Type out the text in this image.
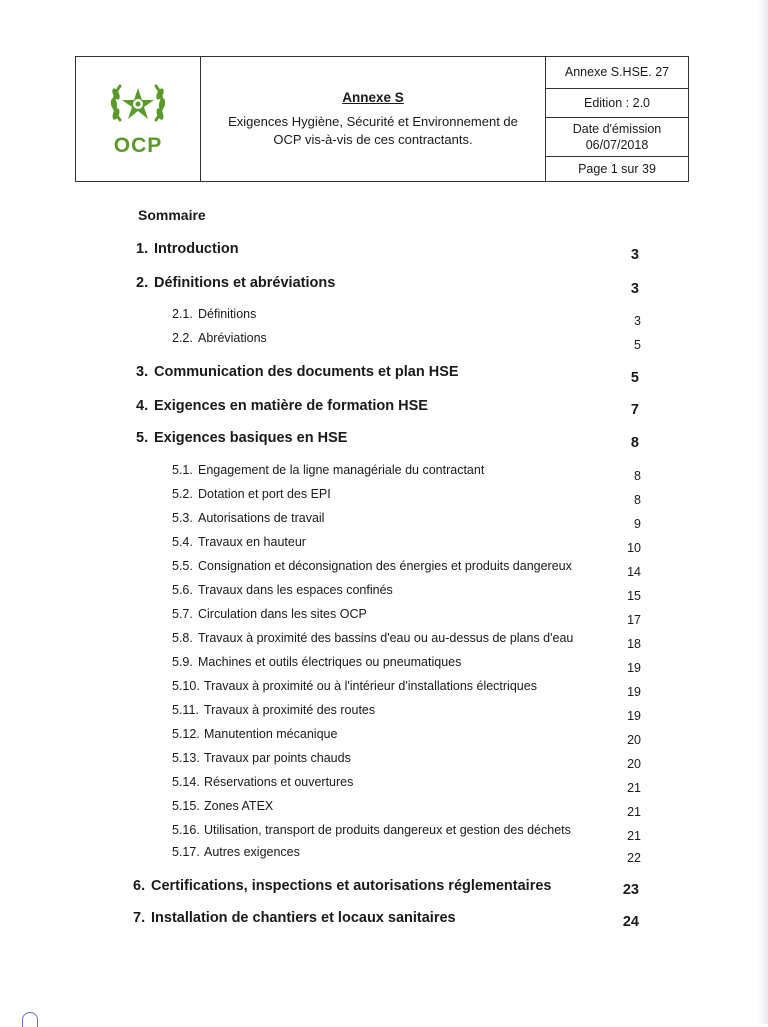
OCP
Annexe S
Exigences Hygiène, Sécurité et Environnement de
OCP vis-à-vis de ces contractants.
Annexe S.HSE. 27
Edition : 2.0
Date d'émission
06/07/2018
Page 1 sur 39
Sommaire
1. Introduction	3
2. Définitions et abréviations	3
2.1. Définitions	3
2.2. Abréviations	5
3. Communication des documents et plan HSE	5
4. Exigences en matière de formation HSE	7
5. Exigences basiques en HSE	8
5.1. Engagement de la ligne managériale du contractant	8
5.2. Dotation et port des EPI	8
5.3. Autorisations de travail	9
5.4. Travaux en hauteur	10
5.5. Consignation et déconsignation des énergies et produits dangereux	14
5.6. Travaux dans les espaces confinés	15
5.7. Circulation dans les sites OCP	17
5.8. Travaux à proximité des bassins d'eau ou au-dessus de plans d'eau	18
5.9. Machines et outils électriques ou pneumatiques	19
5.10. Travaux à proximité ou à l'intérieur d'installations électriques	19
5.11. Travaux à proximité des routes	19
5.12. Manutention mécanique	20
5.13. Travaux par points chauds	20
5.14. Réservations et ouvertures	21
5.15. Zones ATEX	21
5.16. Utilisation, transport de produits dangereux et gestion des déchets	21
5.17. Autres exigences	22
6. Certifications, inspections et autorisations réglementaires	23
7. Installation de chantiers et locaux sanitaires	24
